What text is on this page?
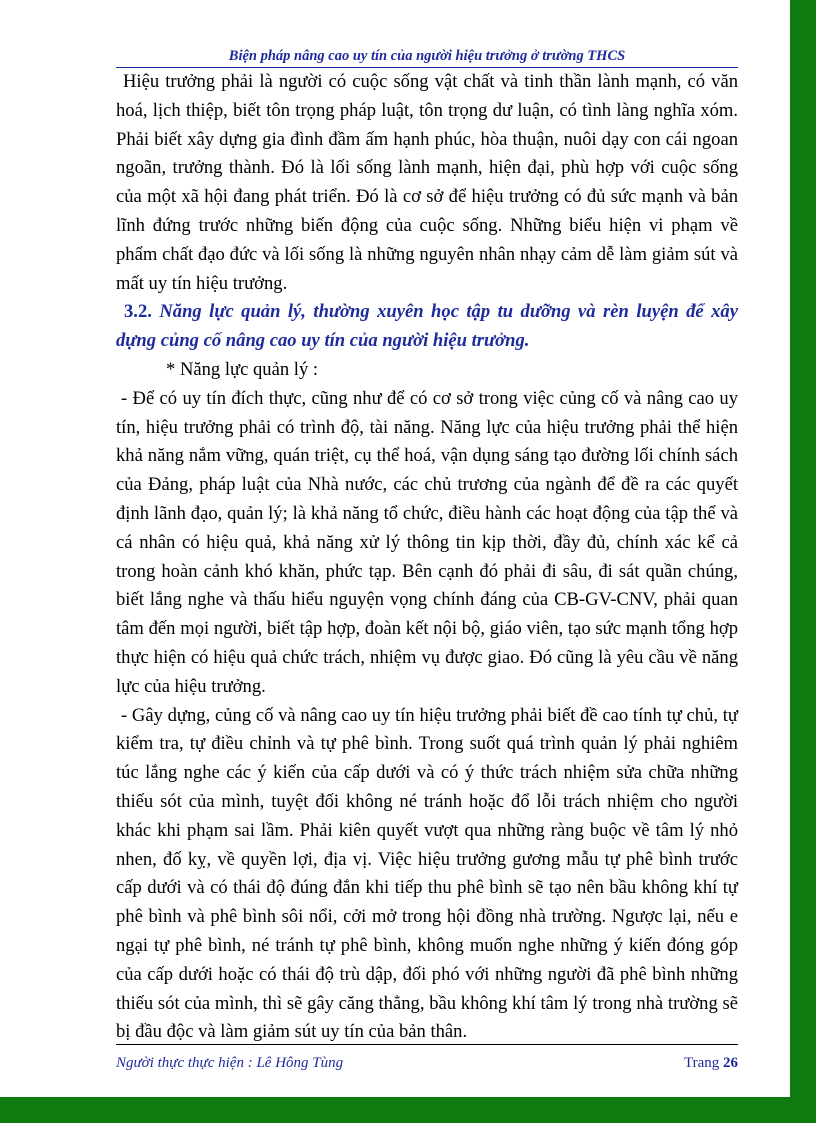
Biện pháp nâng cao uy tín của người hiệu trưởng ở trường THCS

Hiệu trưởng phải là người có cuộc sống vật chất và tinh thần lành mạnh, có văn hoá, lịch thiệp, biết tôn trọng pháp luật, tôn trọng dư luận, có tình làng nghĩa xóm. Phải biết xây dựng gia đình đầm ấm hạnh phúc, hòa thuận, nuôi dạy con cái ngoan ngoãn, trưởng thành. Đó là lối sống lành mạnh, hiện đại, phù hợp với cuộc sống của một xã hội đang phát triển. Đó là cơ sở để hiệu trưởng có đủ sức mạnh và bản lĩnh đứng trước những biến động của cuộc sống. Những biểu hiện vi phạm về phẩm chất đạo đức và lối sống là những nguyên nhân nhạy cảm dễ làm giảm sút và mất uy tín hiệu trưởng.

3.2. Năng lực quản lý, thường xuyên học tập tu dưỡng và rèn luyện để xây dựng củng cố nâng cao uy tín của người hiệu trưởng.

* Năng lực quản lý :

- Để có uy tín đích thực, cũng như để có cơ sở trong việc củng cố và nâng cao uy tín, hiệu trưởng phải có trình độ, tài năng. Năng lực của hiệu trưởng phải thể hiện khả năng nắm vững, quán triệt, cụ thể hoá, vận dụng sáng tạo đường lối chính sách của Đảng, pháp luật của Nhà nước, các chủ trương của ngành để đề ra các quyết định lãnh đạo, quản lý; là khả năng tổ chức, điều hành các hoạt động của tập thể và cá nhân có hiệu quả, khả năng xử lý thông tin kịp thời, đầy đủ, chính xác kể cả trong hoàn cảnh khó khăn, phức tạp. Bên cạnh đó phải đi sâu, đi sát quần chúng, biết lắng nghe và thấu hiểu nguyện vọng chính đáng của CB-GV-CNV, phải quan tâm đến mọi người, biết tập hợp, đoàn kết nội bộ, giáo viên, tạo sức mạnh tổng hợp thực hiện có hiệu quả chức trách, nhiệm vụ được giao. Đó cũng là yêu cầu về năng lực của hiệu trưởng.

- Gây dựng, củng cố và nâng cao uy tín hiệu trưởng phải biết đề cao tính tự chủ, tự kiểm tra, tự điều chỉnh và tự phê bình. Trong suốt quá trình quản lý phải nghiêm túc lắng nghe các ý kiến của cấp dưới và có ý thức trách nhiệm sửa chữa những thiếu sót của mình, tuyệt đối không né tránh hoặc đổ lỗi trách nhiệm cho người khác khi phạm sai lầm. Phải kiên quyết vượt qua những ràng buộc về tâm lý nhỏ nhen, đố kỵ, về quyền lợi, địa vị. Việc hiệu trưởng gương mẫu tự phê bình trước cấp dưới và có thái độ đúng đắn khi tiếp thu phê bình sẽ tạo nên bầu không khí tự phê bình và phê bình sôi nổi, cởi mở trong hội đồng nhà trường. Ngược lại, nếu e ngại tự phê bình, né tránh tự phê bình, không muốn nghe những ý kiến đóng góp của cấp dưới hoặc có thái độ trù dập, đối phó với những người đã phê bình những thiếu sót của mình, thì sẽ gây căng thẳng, bầu không khí tâm lý trong nhà trường sẽ bị đầu độc và làm giảm sút uy tín của bản thân.

Người thực thực hiện : Lê Hông Tùng	Trang 26
